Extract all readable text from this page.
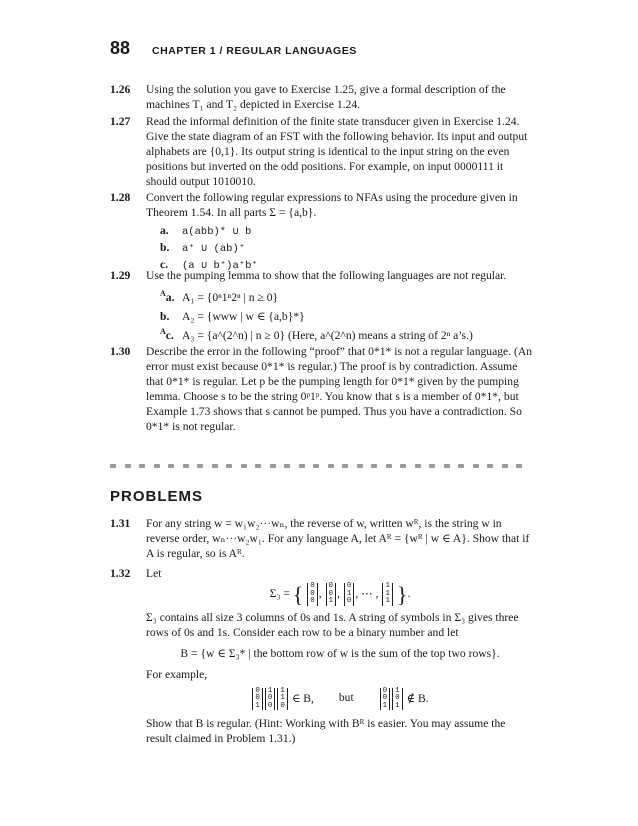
88 CHAPTER 1 / REGULAR LANGUAGES
1.26 Using the solution you gave to Exercise 1.25, give a formal description of the machines T₁ and T₂ depicted in Exercise 1.24.
1.27 Read the informal definition of the finite state transducer given in Exercise 1.24. Give the state diagram of an FST with the following behavior. Its input and output alphabets are {0,1}. Its output string is identical to the input string on the even positions but inverted on the odd positions. For example, on input 0000111 it should output 1010010.
1.28 Convert the following regular expressions to NFAs using the procedure given in Theorem 1.54. In all parts Σ = {a,b}.
a. a(abb)* ∪ b
b. a⁺ ∪ (ab)⁺
c. (a ∪ b⁺)a⁺b⁺
1.29 Use the pumping lemma to show that the following languages are not regular.
$^A$a. A₁ = {0ⁿ1ⁿ2ⁿ | n ≥ 0}
b. A₂ = {www | w ∈ {a,b}*}
$^A$c. A₃ = {a^(2^n) | n ≥ 0} (Here, a^(2^n) means a string of 2ⁿ a’s.)
1.30 Describe the error in the following “proof” that 0*1* is not a regular language. (An error must exist because 0*1* is regular.) The proof is by contradiction. Assume that 0*1* is regular. Let p be the pumping length for 0*1* given by the pumping lemma. Choose s to be the string 0ᵖ1ᵖ. You know that s is a member of 0*1*, but Example 1.73 shows that s cannot be pumped. Thus you have a contradiction. So 0*1* is not regular.
PROBLEMS
1.31 For any string w = w₁w₂···wₙ, the reverse of w, written wᴿ, is the string w in reverse order, wₙ···w₂w₁. For any language A, let Aᴿ = {wᴿ | w ∈ A}. Show that if A is regular, so is Aᴿ.
1.32 Let
Σ₃ = { 0
0
0, 0
0
1, 0
1
0, ⋯ , 1
1
1 }.
Σ₃ contains all size 3 columns of 0s and 1s. A string of symbols in Σ₃ gives three rows of 0s and 1s. Consider each row to be a binary number and let
B = {w ∈ Σ₃* | the bottom row of w is the sum of the top two rows}.
For example,
0
0
11
0
01
1
0 ∈ B, but 0
0
11
0
1 ∉ B.
Show that B is regular. (Hint: Working with Bᴿ is easier. You may assume the result claimed in Problem 1.31.)
